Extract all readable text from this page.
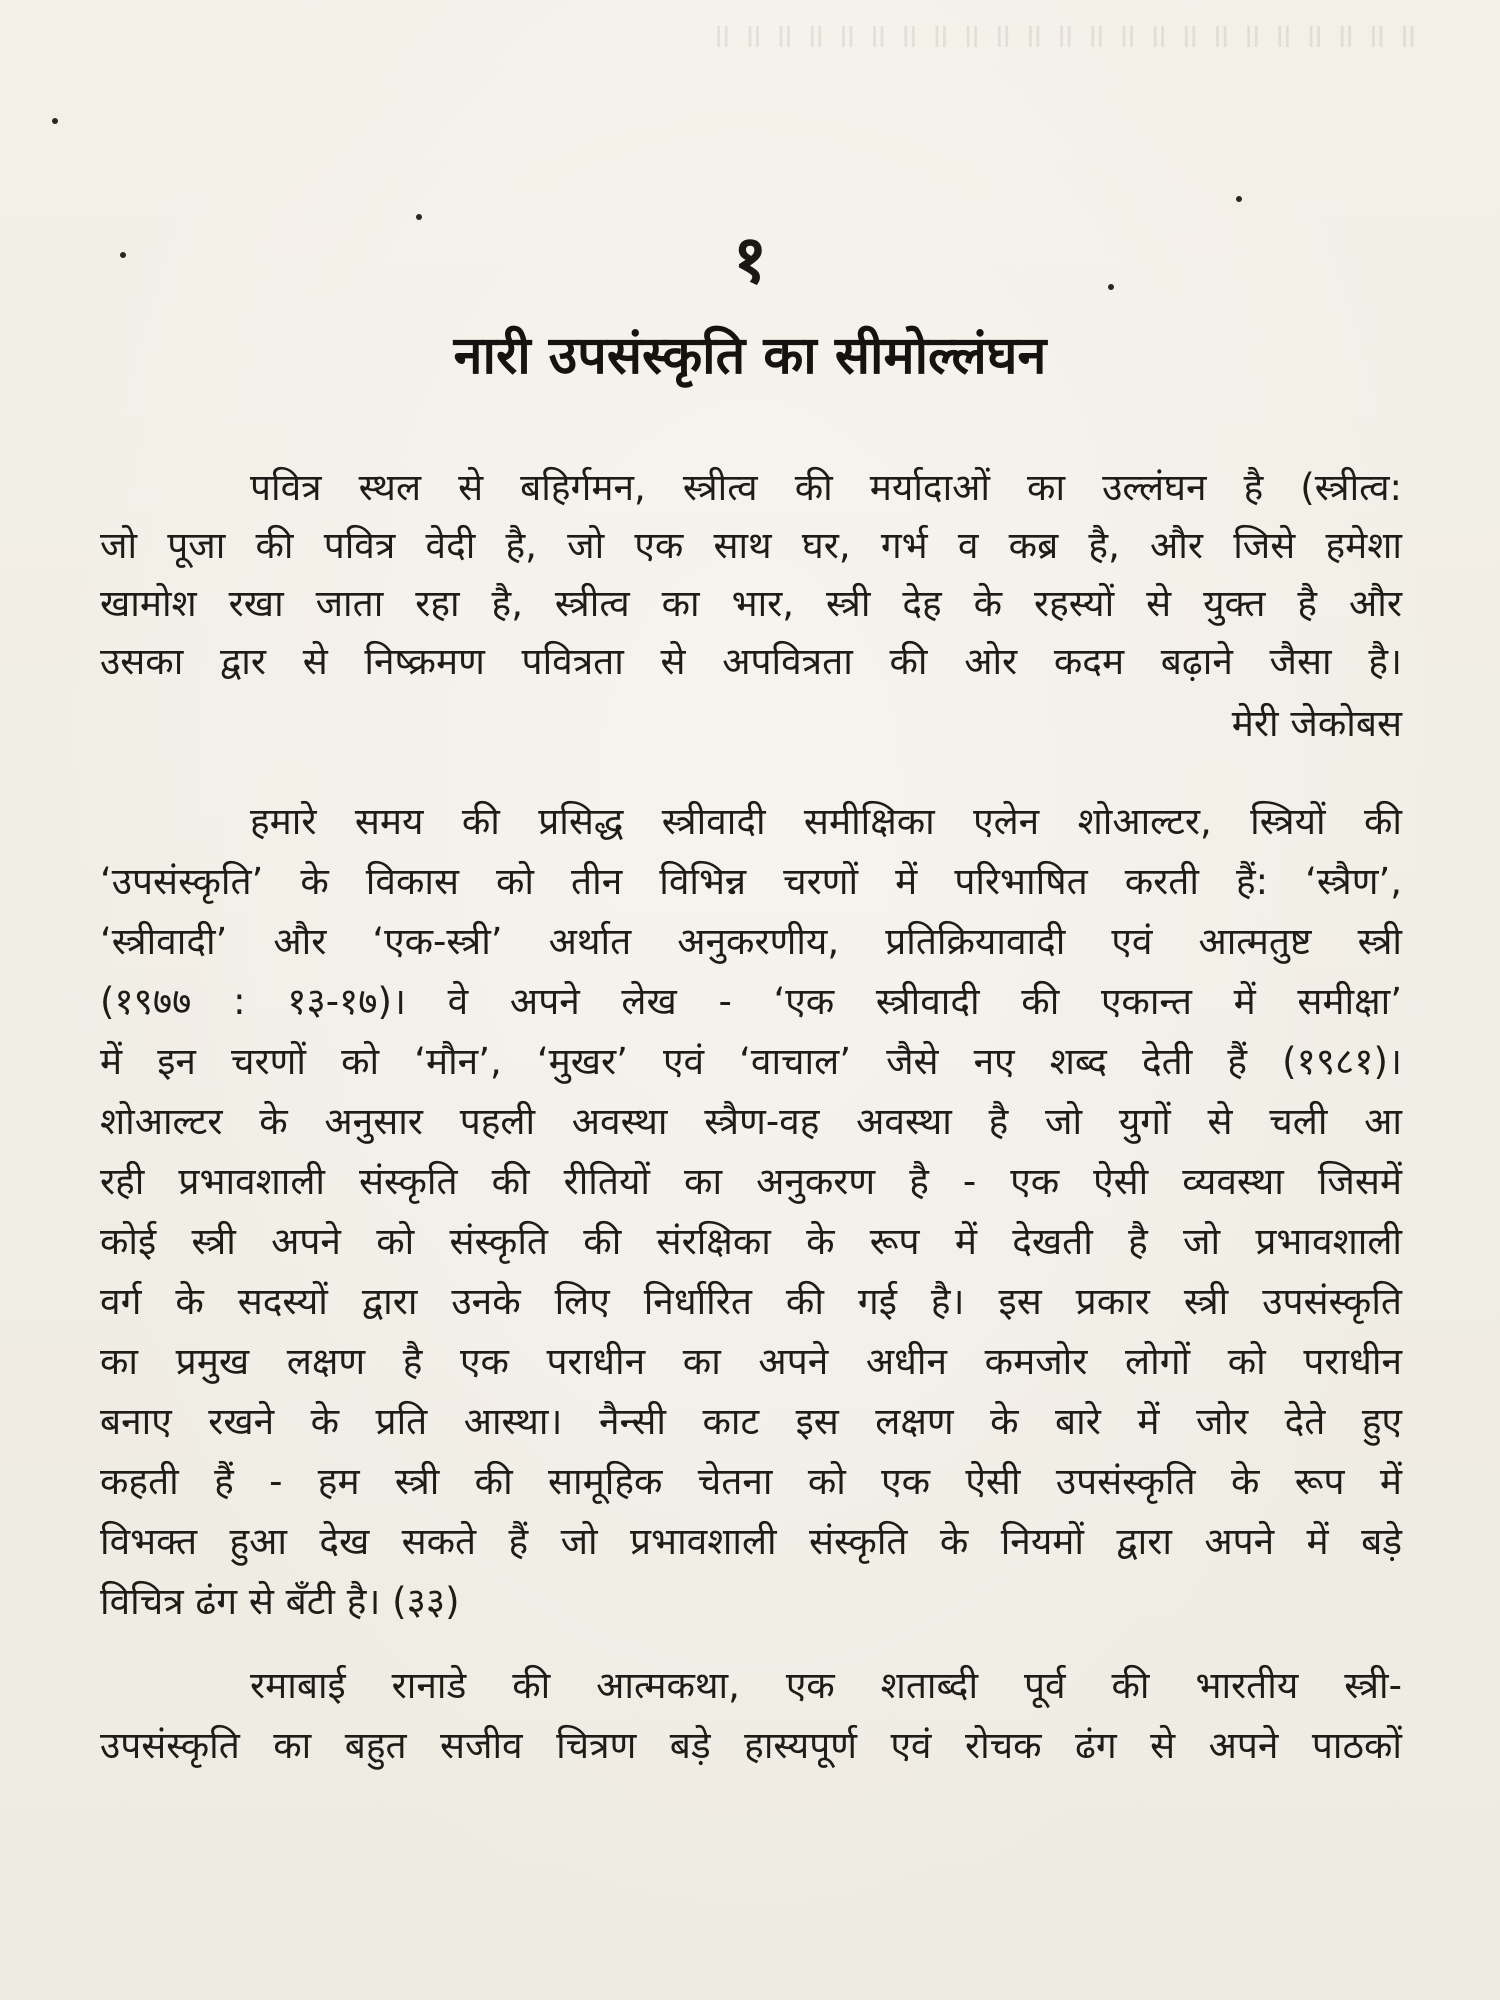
॥ ॥ ॥ ॥ ॥ ॥ ॥ ॥ ॥ ॥ ॥ ॥ ॥ ॥ ॥ ॥ ॥ ॥ ॥ ॥ ॥ ॥ ॥
१
नारी उपसंस्कृति का सीमोल्लंघन
पवित्र स्थल से बहिर्गमन, स्त्रीत्व की मर्यादाओं का उल्लंघन है (स्त्रीत्व:
जो पूजा की पवित्र वेदी है, जो एक साथ घर, गर्भ व कब्र है, और जिसे हमेशा
खामोश रखा जाता रहा है, स्त्रीत्व का भार, स्त्री देह के रहस्यों से युक्त है और
उसका द्वार से निष्क्रमण पवित्रता से अपवित्रता की ओर कदम बढ़ाने जैसा है।
मेरी जेकोबस
हमारे समय की प्रसिद्ध स्त्रीवादी समीक्षिका एलेन शोआल्टर, स्त्रियों की
‘उपसंस्कृति’ के विकास को तीन विभिन्न चरणों में परिभाषित करती हैं: ‘स्त्रैण’,
‘स्त्रीवादी’ और ‘एक-स्त्री’ अर्थात अनुकरणीय, प्रतिक्रियावादी एवं आत्मतुष्ट स्त्री
(१९७७ : १३-१७)। वे अपने लेख - ‘एक स्त्रीवादी की एकान्त में समीक्षा’
में इन चरणों को ‘मौन’, ‘मुखर’ एवं ‘वाचाल’ जैसे नए शब्द देती हैं (१९८१)।
शोआल्टर के अनुसार पहली अवस्था स्त्रैण-वह अवस्था है जो युगों से चली आ
रही प्रभावशाली संस्कृति की रीतियों का अनुकरण है - एक ऐसी व्यवस्था जिसमें
कोई स्त्री अपने को संस्कृति की संरक्षिका के रूप में देखती है जो प्रभावशाली
वर्ग के सदस्यों द्वारा उनके लिए निर्धारित की गई है। इस प्रकार स्त्री उपसंस्कृति
का प्रमुख लक्षण है एक पराधीन का अपने अधीन कमजोर लोगों को पराधीन
बनाए रखने के प्रति आस्था। नैन्सी काट इस लक्षण के बारे में जोर देते हुए
कहती हैं - हम स्त्री की सामूहिक चेतना को एक ऐसी उपसंस्कृति के रूप में
विभक्त हुआ देख सकते हैं जो प्रभावशाली संस्कृति के नियमों द्वारा अपने में बड़े
विचित्र ढंग से बँटी है। (३३)
रमाबाई रानाडे की आत्मकथा, एक शताब्दी पूर्व की भारतीय स्त्री-
उपसंस्कृति का बहुत सजीव चित्रण बड़े हास्यपूर्ण एवं रोचक ढंग से अपने पाठकों
